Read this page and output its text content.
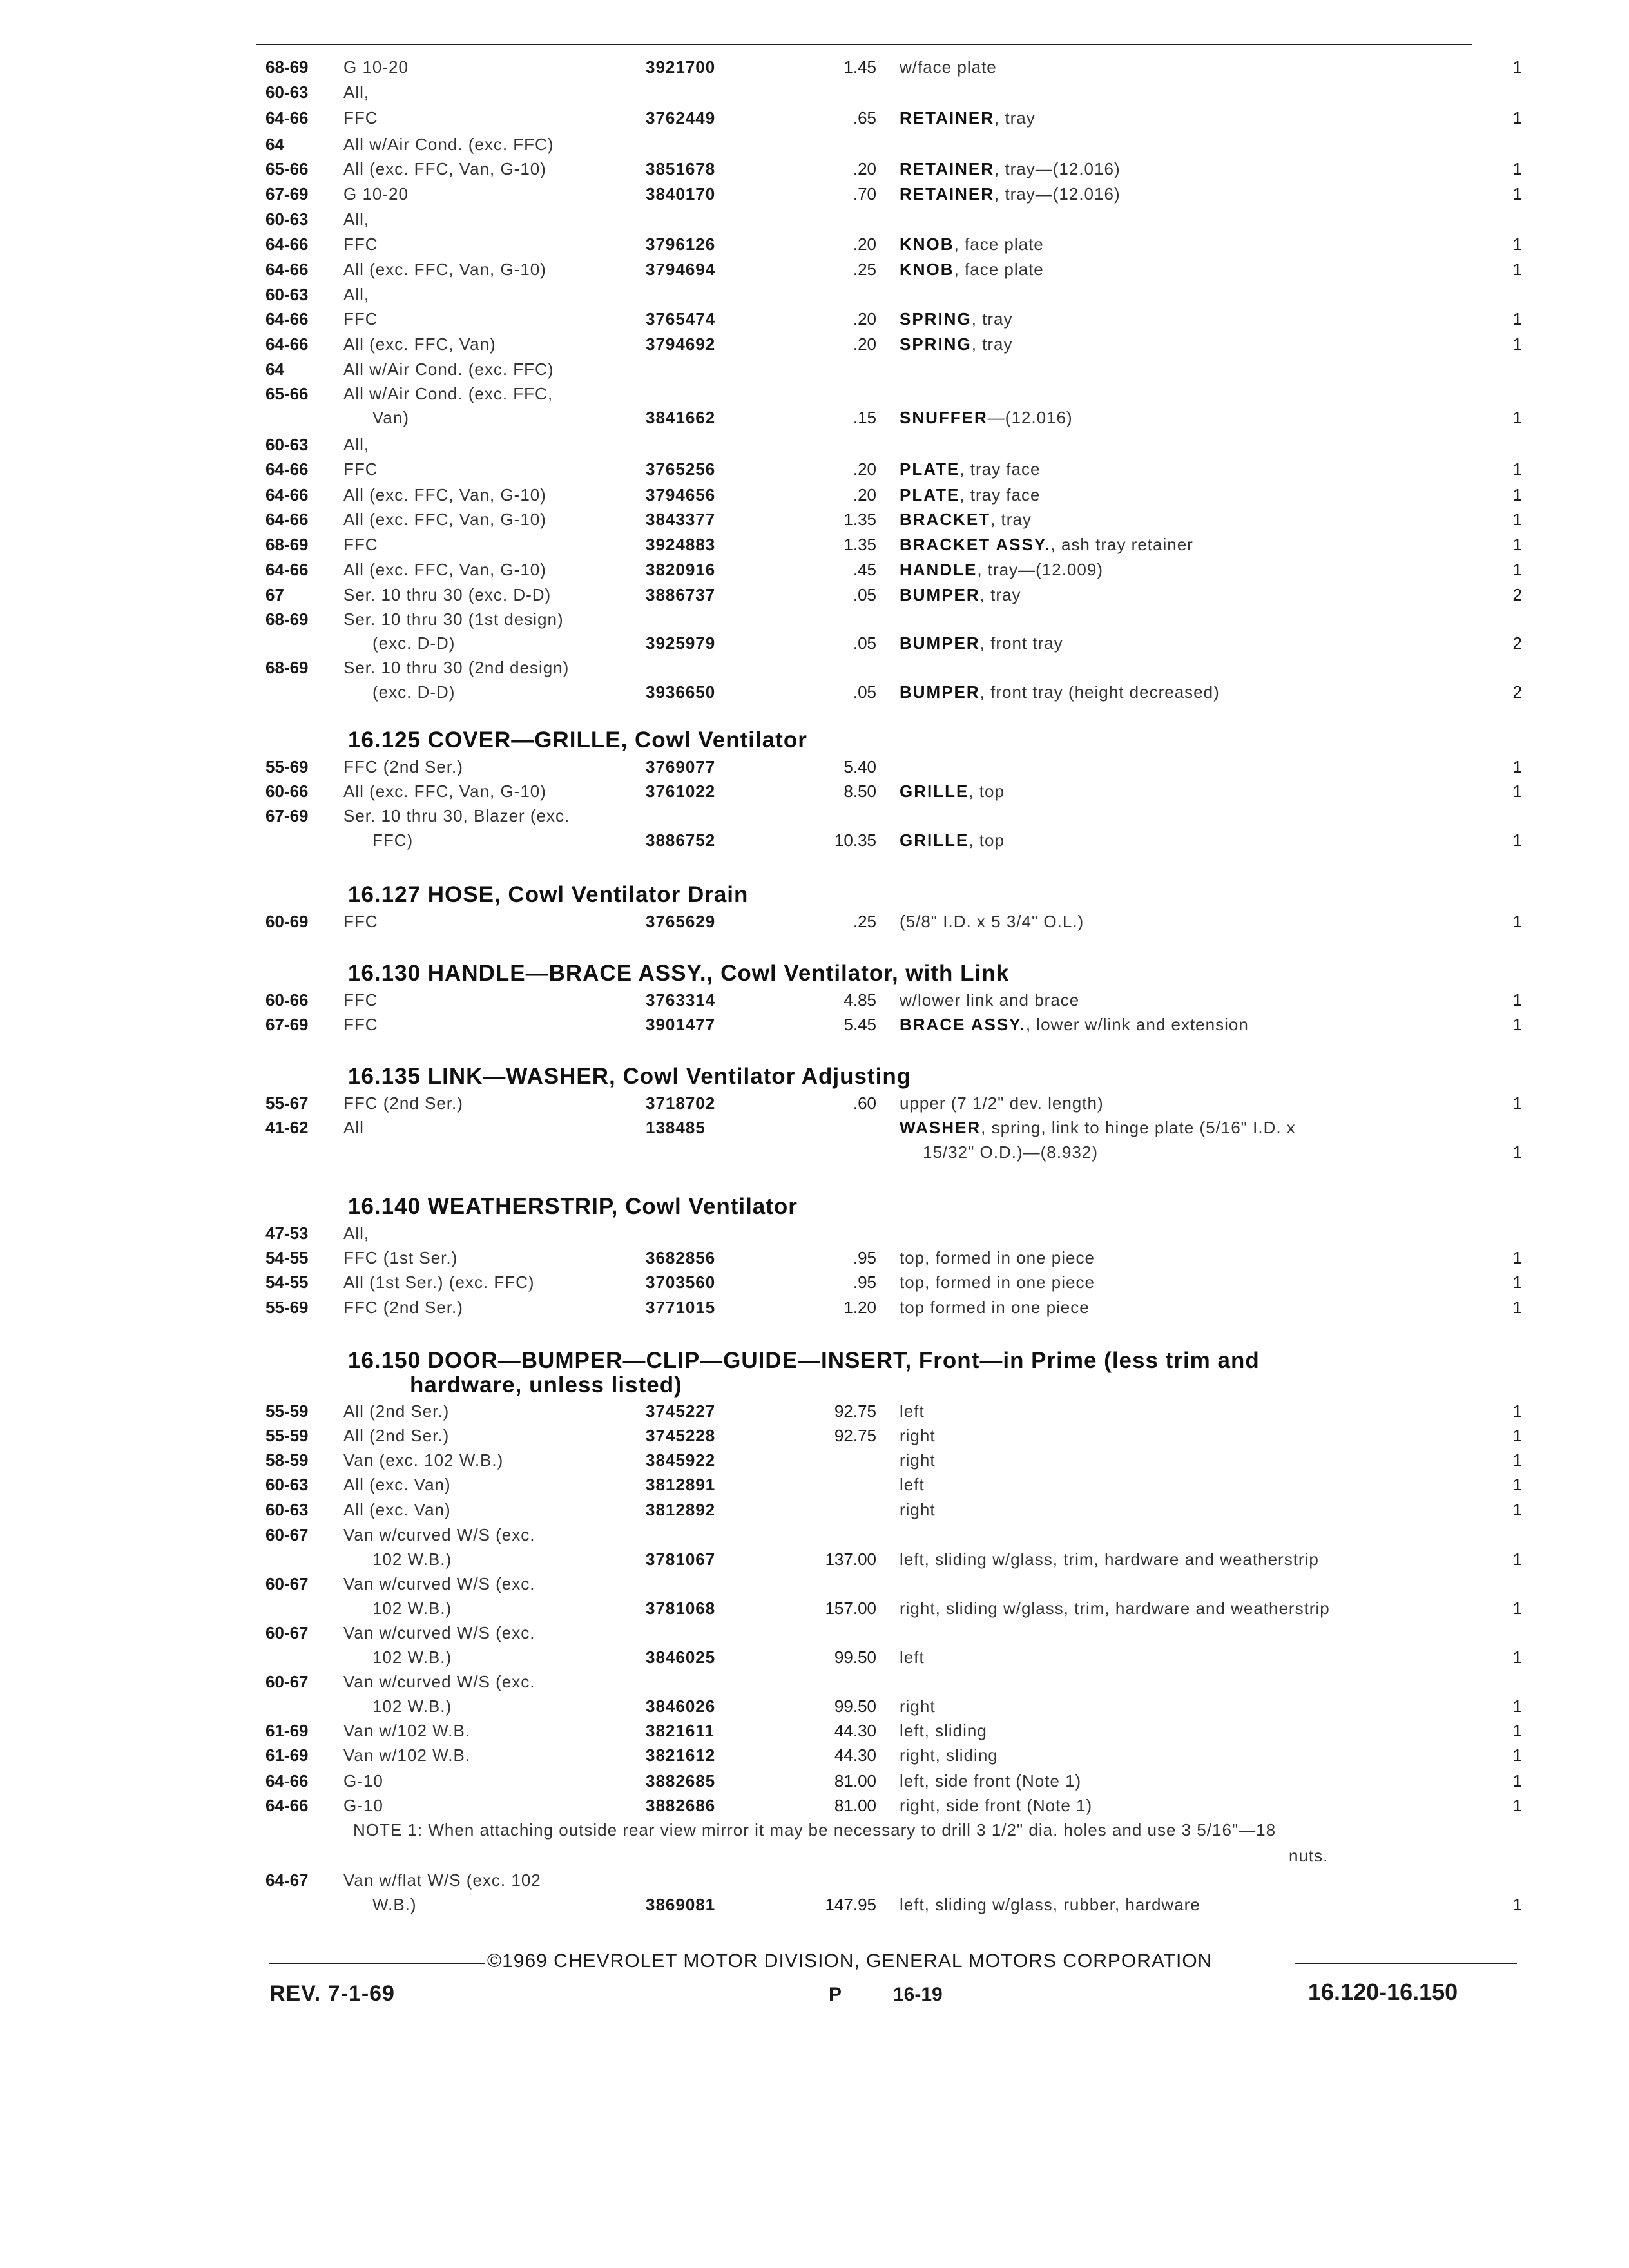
68-69 G 10-20	3921700	1.45 w/face plate	1
60-63 All,
64-66 FFC	3762449	.65 RETAINER, tray	1
64	All w/Air Cond. (exc. FFC)
65-66 All (exc. FFC, Van, G-10)	3851678	.20 RETAINER, tray—(12.016)	1
67-69 G 10-20	3840170	.70 RETAINER, tray—(12.016)	1
60-63 All,
64-66 FFC	3796126	.20 KNOB, face plate	1
64-66 All (exc. FFC, Van, G-10)	3794694	.25 KNOB, face plate	1
60-63 All,
64-66 FFC	3765474	.20 SPRING, tray	1
64-66 All (exc. FFC, Van)	3794692	.20 SPRING, tray	1
64	All w/Air Cond. (exc. FFC)
65-66 All w/Air Cond. (exc. FFC,
Van)	3841662	.15 SNUFFER—(12.016)	1
60-63 All,
64-66 FFC	3765256	.20 PLATE, tray face	1
64-66 All (exc. FFC, Van, G-10)	3794656	.20 PLATE, tray face	1
64-66 All (exc. FFC, Van, G-10)	3843377	1.35 BRACKET, tray	1
68-69 FFC	3924883	1.35 BRACKET ASSY., ash tray retainer	1
64-66 All (exc. FFC, Van, G-10)	3820916	.45 HANDLE, tray—(12.009)	1
67	Ser. 10 thru 30 (exc. D-D)	3886737	.05 BUMPER, tray	2
68-69 Ser. 10 thru 30 (1st design)
(exc. D-D)	3925979	.05 BUMPER, front tray	2
68-69 Ser. 10 thru 30 (2nd design)
(exc. D-D)	3936650	.05 BUMPER, front tray (height decreased)	2
16.125 COVER—GRILLE, Cowl Ventilator
55-69 FFC (2nd Ser.)	3769077	5.40	1
60-66 All (exc. FFC, Van, G-10)	3761022	8.50 GRILLE, top	1
67-69 Ser. 10 thru 30, Blazer (exc.
FFC)	3886752	10.35 GRILLE, top	1
16.127 HOSE, Cowl Ventilator Drain
60-69 FFC	3765629	.25 (5/8" I.D. x 5 3/4" O.L.)	1
16.130 HANDLE—BRACE ASSY., Cowl Ventilator, with Link
60-66 FFC	3763314	4.85 w/lower link and brace	1
67-69 FFC	3901477	5.45 BRACE ASSY., lower w/link and extension	1
16.135 LINK—WASHER, Cowl Ventilator Adjusting
55-67 FFC (2nd Ser.)	3718702	.60 upper (7 1/2" dev. length)	1
41-62 All	138485	WASHER, spring, link to hinge plate (5/16" I.D. x
15/32" O.D.)—(8.932)	1
16.140 WEATHERSTRIP, Cowl Ventilator
47-53 All,
54-55 FFC (1st Ser.)	3682856	.95 top, formed in one piece	1
54-55 All (1st Ser.) (exc. FFC)	3703560	.95 top, formed in one piece	1
55-69 FFC (2nd Ser.)	3771015	1.20 top formed in one piece	1
16.150 DOOR—BUMPER—CLIP—GUIDE—INSERT, Front—in Prime (less trim and
hardware, unless listed)
55-59 All (2nd Ser.)	3745227	92.75 left	1
55-59 All (2nd Ser.)	3745228	92.75 right	1
58-59 Van (exc. 102 W.B.)	3845922	right	1
60-63 All (exc. Van)	3812891	left	1
60-63 All (exc. Van)	3812892	right	1
60-67 Van w/curved W/S (exc.
102 W.B.)	3781067	137.00 left, sliding w/glass, trim, hardware and weatherstrip	1
60-67 Van w/curved W/S (exc.
102 W.B.)	3781068	157.00 right, sliding w/glass, trim, hardware and weatherstrip	1
60-67 Van w/curved W/S (exc.
102 W.B.)	3846025	99.50 left	1
60-67 Van w/curved W/S (exc.
102 W.B.)	3846026	99.50 right	1
61-69 Van w/102 W.B.	3821611	44.30 left, sliding	1
61-69 Van w/102 W.B.	3821612	44.30 right, sliding	1
64-66 G-10	3882685	81.00 left, side front (Note 1)	1
64-66 G-10	3882686	81.00 right, side front (Note 1)	1
NOTE 1: When attaching outside rear view mirror it may be necessary to drill 3 1/2" dia. holes and use 3 5/16"—18
nuts.
64-67 Van w/flat W/S (exc. 102
W.B.)	3869081	147.95 left, sliding w/glass, rubber, hardware	1
©1969 CHEVROLET MOTOR DIVISION, GENERAL MOTORS CORPORATION
REV. 7-1-69	P	16-19	16.120-16.150
